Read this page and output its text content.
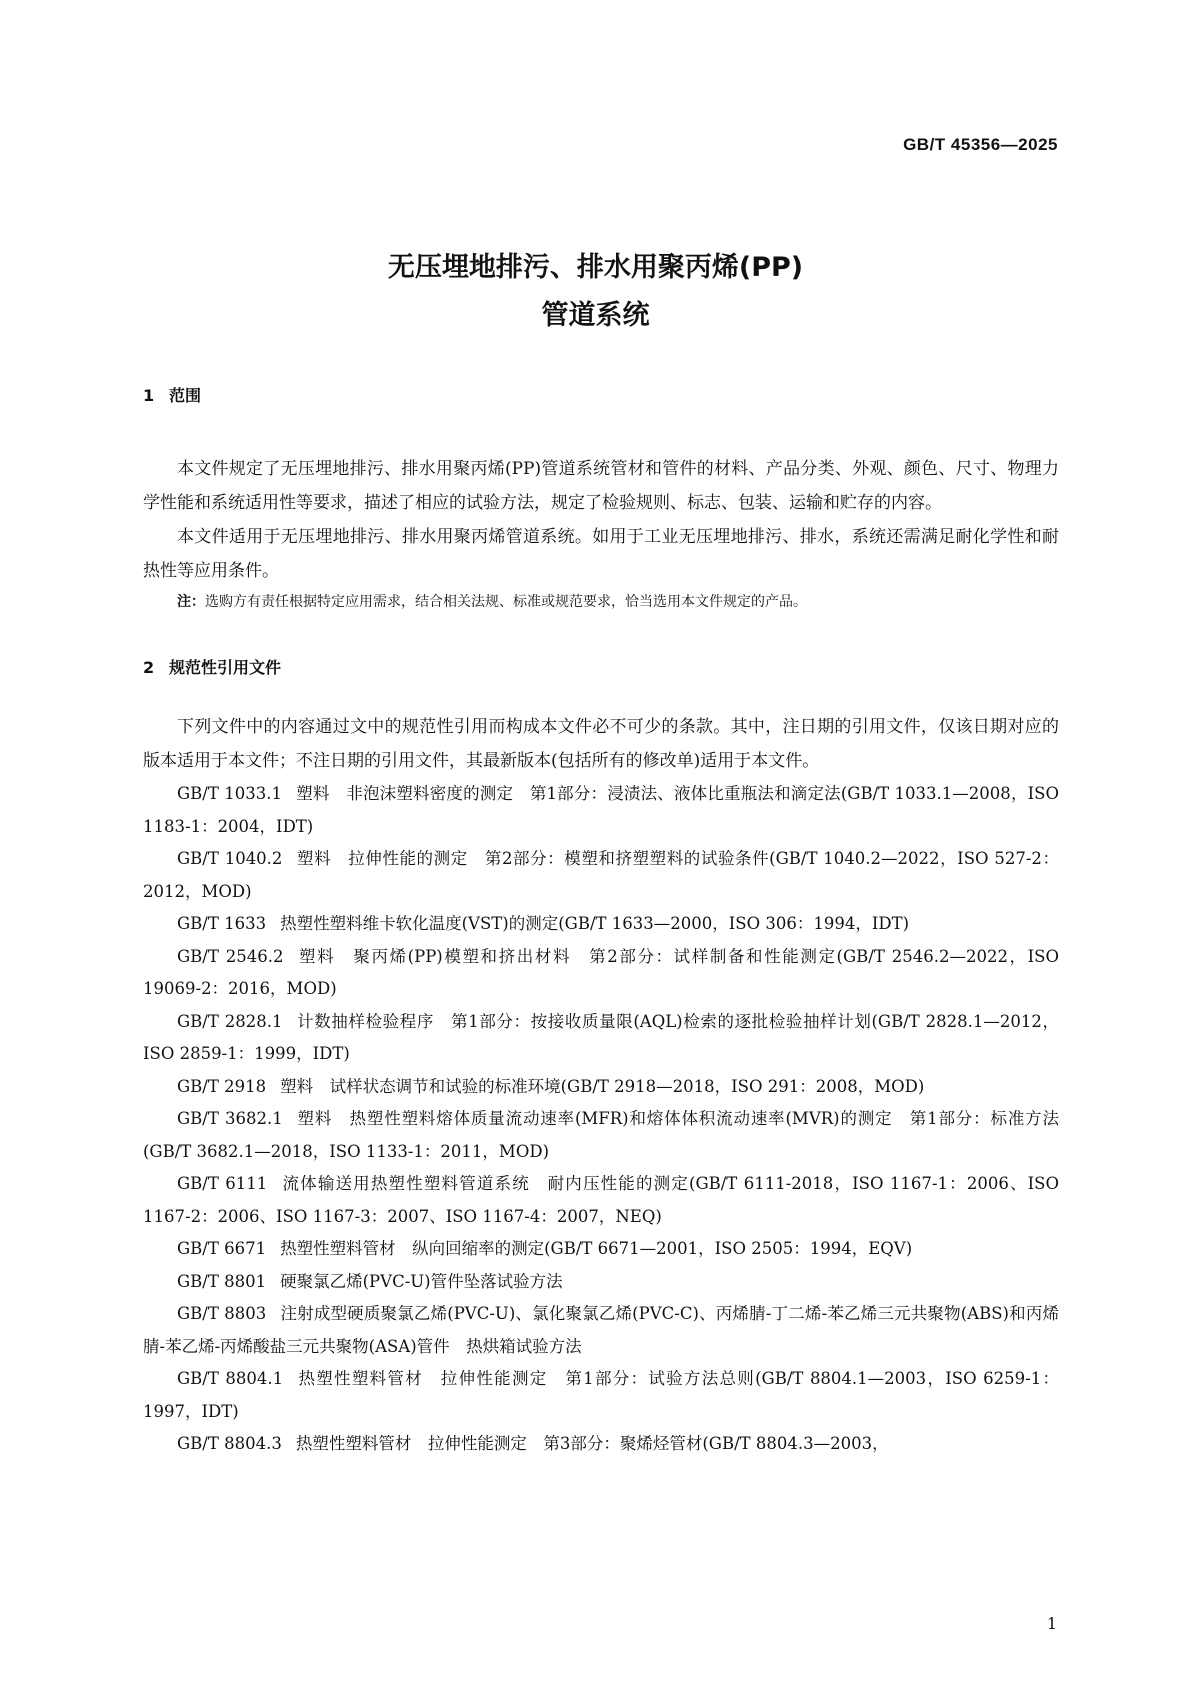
GB/T 45356—2025
无压埋地排污、排水用聚丙烯(PP)
管道系统
1 范围

本文件规定了无压埋地排污、排水用聚丙烯(PP)管道系统管材和管件的材料、产品分类、外观、颜色、尺寸、物理力学性能和系统适用性等要求，描述了相应的试验方法，规定了检验规则、标志、包装、运输和贮存的内容。

本文件适用于无压埋地排污、排水用聚丙烯管道系统。如用于工业无压埋地排污、排水，系统还需满足耐化学性和耐热性等应用条件。

注：选购方有责任根据特定应用需求，结合相关法规、标准或规范要求，恰当选用本文件规定的产品。

2 规范性引用文件

下列文件中的内容通过文中的规范性引用而构成本文件必不可少的条款。其中，注日期的引用文件，仅该日期对应的版本适用于本文件；不注日期的引用文件，其最新版本(包括所有的修改单)适用于本文件。

GB/T 1033.1 塑料　非泡沫塑料密度的测定　第1部分：浸渍法、液体比重瓶法和滴定法(GB/T 1033.1—2008，ISO 1183-1：2004，IDT)

GB/T 1040.2 塑料　拉伸性能的测定　第2部分：模塑和挤塑塑料的试验条件(GB/T 1040.2—2022，ISO 527-2：2012，MOD)

GB/T 1633 热塑性塑料维卡软化温度(VST)的测定(GB/T 1633—2000，ISO 306：1994，IDT)

GB/T 2546.2 塑料　聚丙烯(PP)模塑和挤出材料　第2部分：试样制备和性能测定(GB/T 2546.2—2022，ISO 19069-2：2016，MOD)

GB/T 2828.1 计数抽样检验程序　第1部分：按接收质量限(AQL)检索的逐批检验抽样计划(GB/T 2828.1—2012，ISO 2859-1：1999，IDT)

GB/T 2918 塑料　试样状态调节和试验的标准环境(GB/T 2918—2018，ISO 291：2008，MOD)

GB/T 3682.1 塑料　热塑性塑料熔体质量流动速率(MFR)和熔体体积流动速率(MVR)的测定　第1部分：标准方法(GB/T 3682.1—2018，ISO 1133-1：2011，MOD)

GB/T 6111 流体输送用热塑性塑料管道系统　耐内压性能的测定(GB/T 6111-2018，ISO 1167-1：2006、ISO 1167-2：2006、ISO 1167-3：2007、ISO 1167-4：2007，NEQ)

GB/T 6671 热塑性塑料管材　纵向回缩率的测定(GB/T 6671—2001，ISO 2505：1994，EQV)

GB/T 8801 硬聚氯乙烯(PVC-U)管件坠落试验方法

GB/T 8803 注射成型硬质聚氯乙烯(PVC-U)、氯化聚氯乙烯(PVC-C)、丙烯腈-丁二烯-苯乙烯三元共聚物(ABS)和丙烯腈-苯乙烯-丙烯酸盐三元共聚物(ASA)管件　热烘箱试验方法

GB/T 8804.1 热塑性塑料管材　拉伸性能测定　第1部分：试验方法总则(GB/T 8804.1—2003，ISO 6259-1：1997，IDT)

GB/T 8804.3 热塑性塑料管材　拉伸性能测定　第3部分：聚烯烃管材(GB/T 8804.3—2003，

1
